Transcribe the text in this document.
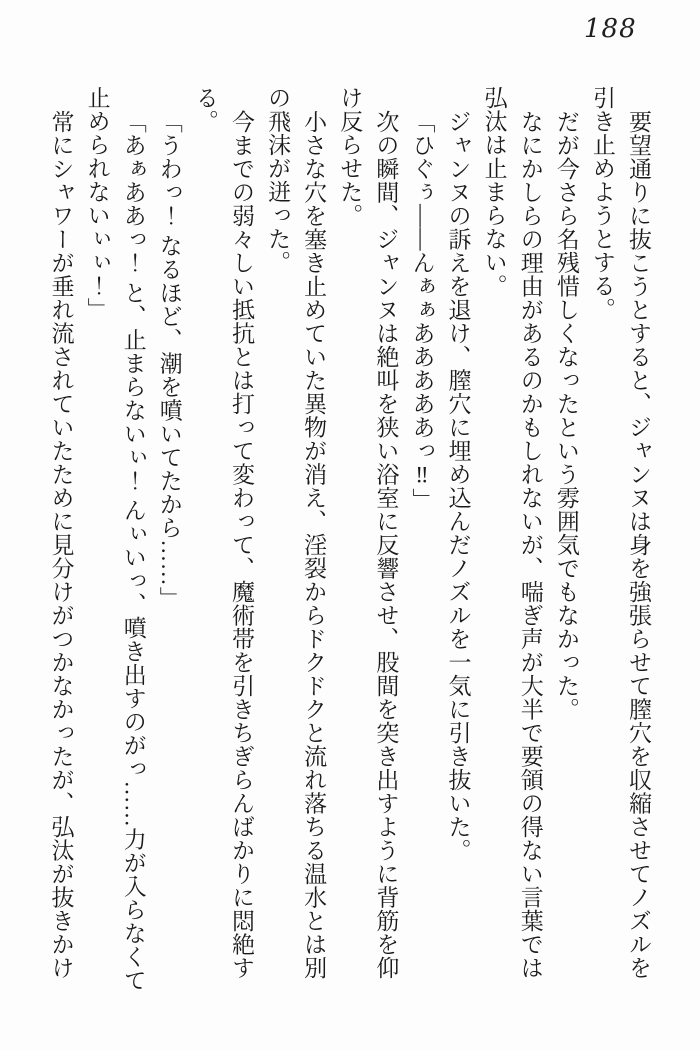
188

要望通りに抜こうとすると、ジャンヌは身を強張らせて膣穴を収縮させてノズルを引き止めようとする。

だが今さら名残惜しくなったという雰囲気でもなかった。

なにかしらの理由があるのかもしれないが、喘ぎ声が大半で要領の得ない言葉では弘汰は止まらない。

ジャンヌの訴えを退け、膣穴に埋め込んだノズルを一気に引き抜いた。

「ひぐぅ――んぁぁあああああっ‼」

次の瞬間、ジャンヌは絶叫を狭い浴室に反響させ、股間を突き出すように背筋を仰け反らせた。

小さな穴を塞き止めていた異物が消え、淫裂からドクドクと流れ落ちる温水とは別の飛沫が迸った。

今までの弱々しい抵抗とは打って変わって、魔術帯を引きちぎらんばかりに悶絶する。

「うわっ！ なるほど、潮を噴いてたから……」

「あぁああっ！ と、止まらないぃ！ んぃいっ、噴き出すのがっ……力が入らなくて止められないぃぃ！」

常にシャワーが垂れ流されていたために見分けがつかなかったが、弘汰が抜きかけ
